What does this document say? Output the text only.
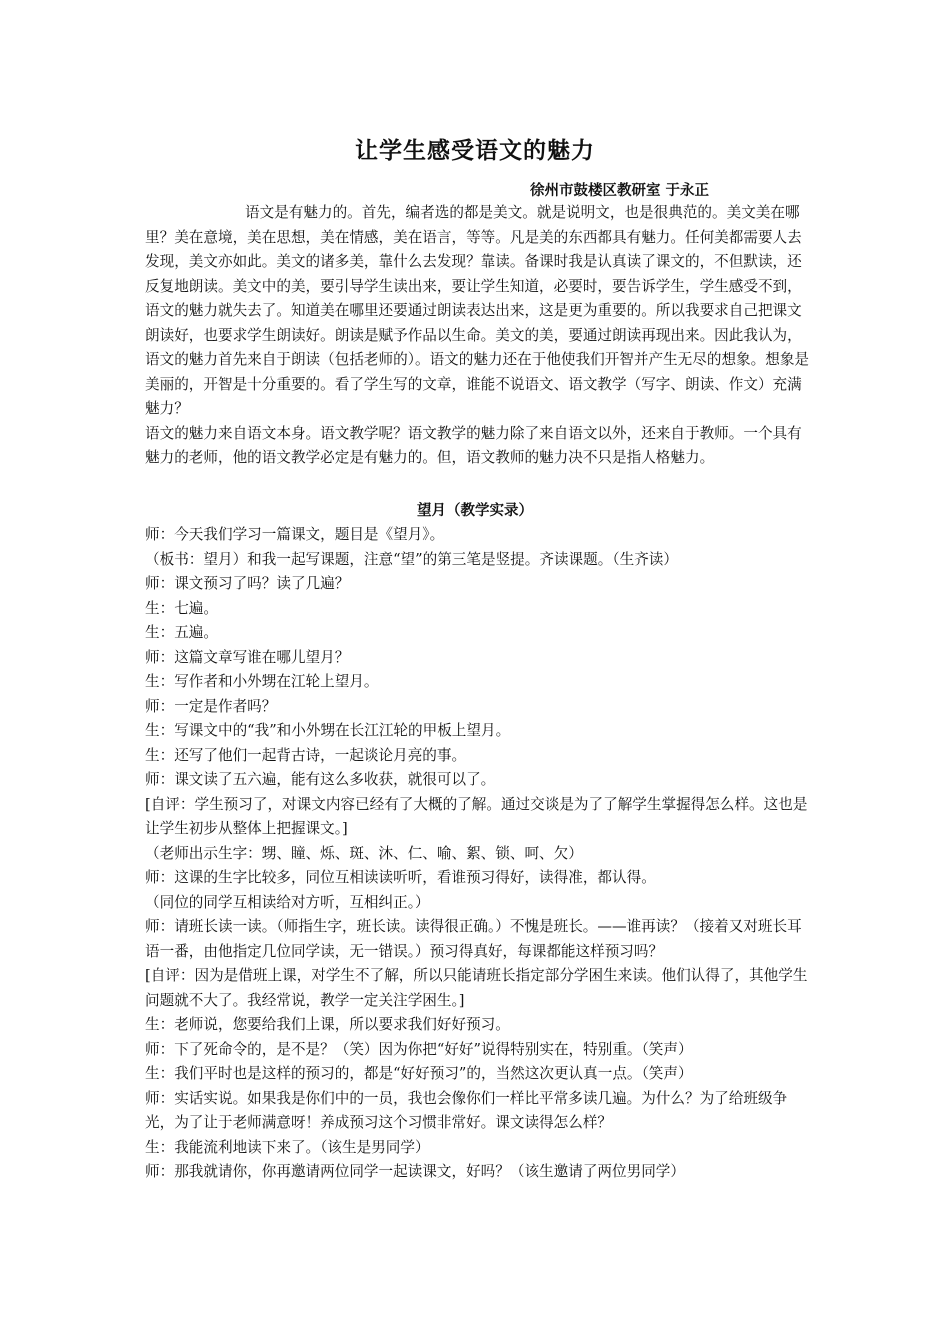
让学生感受语文的魅力
徐州市鼓楼区教研室 于永正

语文是有魅力的。首先，编者选的都是美文。就是说明文，也是很典范的。美文美在哪里？美在意境，美在思想，美在情感，美在语言，等等。凡是美的东西都具有魅力。任何美都需要人去发现，美文亦如此。美文的诸多美，靠什么去发现？靠读。备课时我是认真读了课文的，不但默读，还反复地朗读。美文中的美，要引导学生读出来，要让学生知道，必要时，要告诉学生，学生感受不到，语文的魅力就失去了。知道美在哪里还要通过朗读表达出来，这是更为重要的。所以我要求自己把课文朗读好，也要求学生朗读好。朗读是赋予作品以生命。美文的美，要通过朗读再现出来。因此我认为，语文的魅力首先来自于朗读（包括老师的）。语文的魅力还在于他使我们开智并产生无尽的想象。想象是美丽的，开智是十分重要的。看了学生写的文章，谁能不说语文、语文教学（写字、朗读、作文）充满魅力？

语文的魅力来自语文本身。语文教学呢？语文教学的魅力除了来自语文以外，还来自于教师。一个具有魅力的老师，他的语文教学必定是有魅力的。但，语文教师的魅力决不只是指人格魅力。

望月（教学实录）
师：今天我们学习一篇课文，题目是《望月》。
（板书：望月）和我一起写课题，注意“望”的第三笔是竖提。齐读课题。（生齐读）
师：课文预习了吗？读了几遍？
生：七遍。
生：五遍。
师：这篇文章写谁在哪儿望月？
生：写作者和小外甥在江轮上望月。
师：一定是作者吗？
生：写课文中的“我”和小外甥在长江江轮的甲板上望月。
生：还写了他们一起背古诗，一起谈论月亮的事。
师：课文读了五六遍，能有这么多收获，就很可以了。
[自评：学生预习了，对课文内容已经有了大概的了解。通过交谈是为了了解学生掌握得怎么样。这也是让学生初步从整体上把握课文。]
（老师出示生字：甥、瞳、烁、斑、沐、仁、喻、絮、锁、呵、欠）
师：这课的生字比较多，同位互相读读听听，看谁预习得好，读得准，都认得。
（同位的同学互相读给对方听，互相纠正。）
师：请班长读一读。（师指生字，班长读。读得很正确。）不愧是班长。——谁再读？（接着又对班长耳语一番，由他指定几位同学读，无一错误。）预习得真好，每课都能这样预习吗？
[自评：因为是借班上课，对学生不了解，所以只能请班长指定部分学困生来读。他们认得了，其他学生问题就不大了。我经常说，教学一定关注学困生。]
生：老师说，您要给我们上课，所以要求我们好好预习。
师：下了死命令的，是不是？（笑）因为你把“好好”说得特别实在，特别重。（笑声）
生：我们平时也是这样的预习的，都是“好好预习”的，当然这次更认真一点。（笑声）
师：实话实说。如果我是你们中的一员，我也会像你们一样比平常多读几遍。为什么？为了给班级争光，为了让于老师满意呀！养成预习这个习惯非常好。课文读得怎么样？
生：我能流利地读下来了。（该生是男同学）
师：那我就请你，你再邀请两位同学一起读课文，好吗？（该生邀请了两位男同学）
